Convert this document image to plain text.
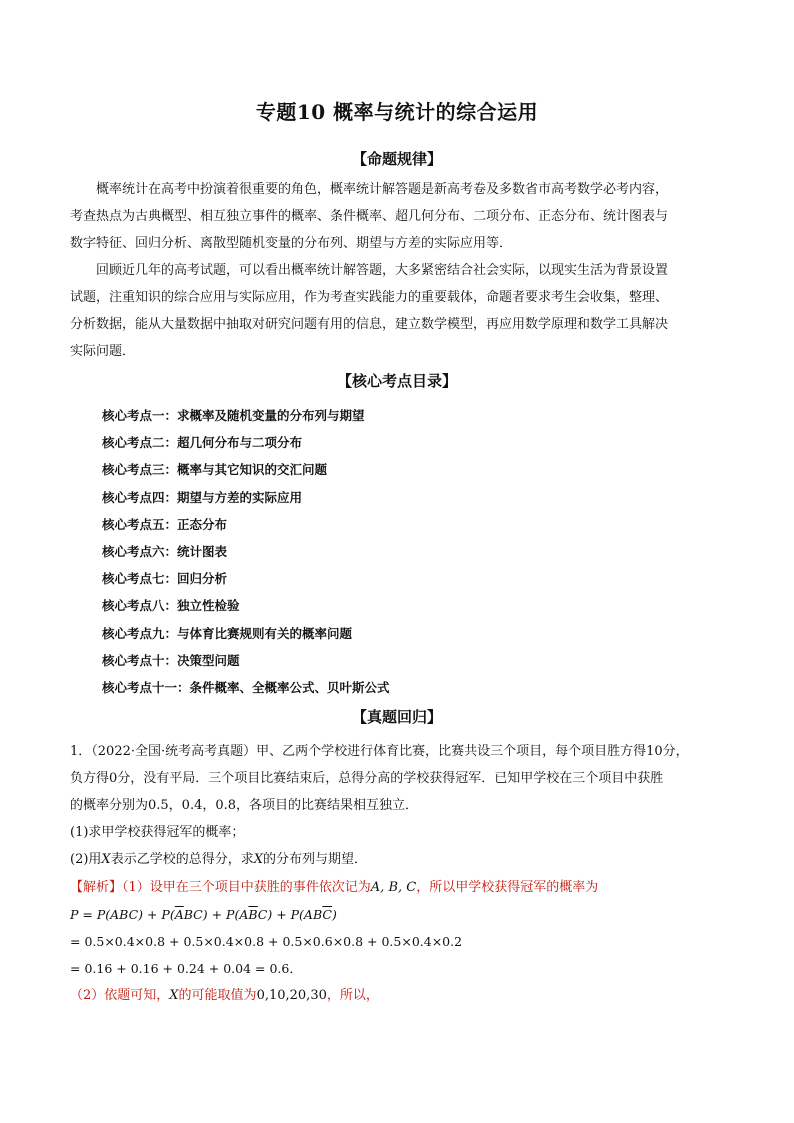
专题10 概率与统计的综合运用
【命题规律】
概率统计在高考中扮演着很重要的角色，概率统计解答题是新高考卷及多数省市高考数学必考内容，
考查热点为古典概型、相互独立事件的概率、条件概率、超几何分布、二项分布、正态分布、统计图表与
数字特征、回归分析、离散型随机变量的分布列、期望与方差的实际应用等．
回顾近几年的高考试题，可以看出概率统计解答题，大多紧密结合社会实际，以现实生活为背景设置
试题，注重知识的综合应用与实际应用，作为考查实践能力的重要载体，命题者要求考生会收集，整理、
分析数据，能从大量数据中抽取对研究问题有用的信息，建立数学模型，再应用数学原理和数学工具解决
实际问题．
【核心考点目录】
核心考点一：求概率及随机变量的分布列与期望
核心考点二：超几何分布与二项分布
核心考点三：概率与其它知识的交汇问题
核心考点四：期望与方差的实际应用
核心考点五：正态分布
核心考点六：统计图表
核心考点七：回归分析
核心考点八：独立性检验
核心考点九：与体育比赛规则有关的概率问题
核心考点十：决策型问题
核心考点十一：条件概率、全概率公式、贝叶斯公式
【真题回归】
1．（2022·全国·统考高考真题）甲、乙两个学校进行体育比赛，比赛共设三个项目，每个项目胜方得10分，
负方得0分，没有平局．三个项目比赛结束后，总得分高的学校获得冠军．已知甲学校在三个项目中获胜
的概率分别为0.5，0.4，0.8，各项目的比赛结果相互独立．
(1)求甲学校获得冠军的概率；
(2)用X表示乙学校的总得分，求X的分布列与期望．
【解析】（1）设甲在三个项目中获胜的事件依次记为A, B, C，所以甲学校获得冠军的概率为
$P = P(ABC) + P(\overline{A}BC) + P(A\overline{B}C) + P(AB\overline{C})$
= 0.5×0.4×0.8 + 0.5×0.4×0.8 + 0.5×0.6×0.8 + 0.5×0.4×0.2
= 0.16 + 0.16 + 0.24 + 0.04 = 0.6．
（2）依题可知，X的可能取值为0,10,20,30，所以，
